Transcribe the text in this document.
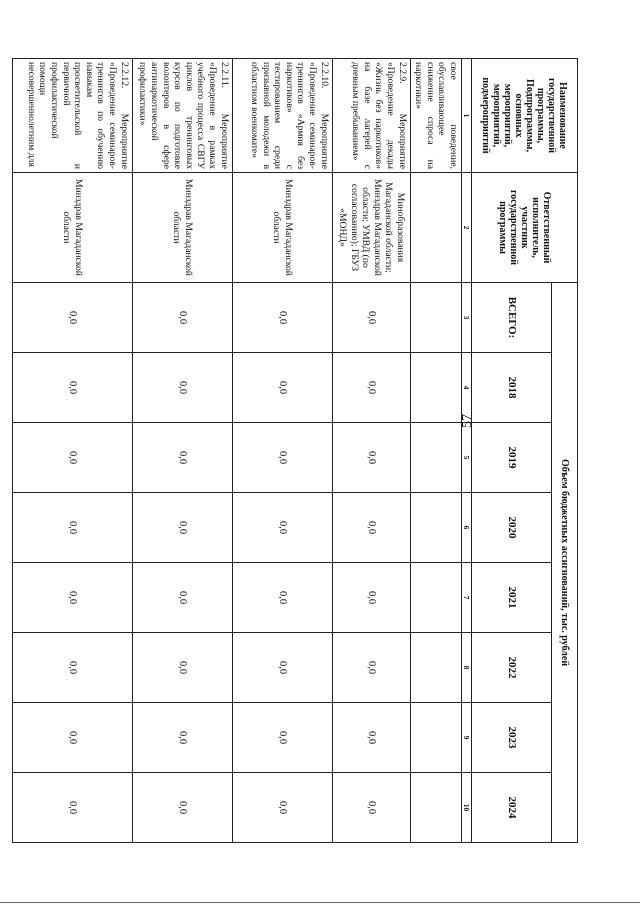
57
Наименование государственной программы, Подпрограммы, основных мероприятий, мероприятий, подмероприятий	Ответственный исполнитель, участник государственной программы	Объем бюджетных ассигнований, тыс. рублей							
		ВСЕГО:	2018	2019	2020	2021	2022	2023	2024
1	2	3	4	5	6	7	8	9	10
свое поведение, обуславливающее снижение спроса на наркотики»									
2.2.9. Мероприятие «Проведение декады «Жизнь без наркотиков» на базе лагерей с дневным пребыванием»	Минобразования Магаданской области; Минздрав Магаданской области; УМВД (по согласованию); ГБУЗ «МОНД»	0,0	0,0	0,0	0,0	0,0	0,0	0,0	0,0
2.2.10. Мероприятие «Проведение семинаров-тренингов «Армия без наркотиков» с тестированием среди призывной молодежи в областном военкомате»	Минздрав Магаданской области	0,0	0,0	0,0	0,0	0,0	0,0	0,0	0,0
2.2.11. Мероприятие «Проведение в рамках учебного процесса СВГУ циклов тренинговых курсов по подготовке волонтеров в сфере антинаркотической профилактики»	Минздрав Магаданской области	0,0	0,0	0,0	0,0	0,0	0,0	0,0	0,0
2.2.12. Мероприятие «Проведение семинаров-тренингов по обучению навыкам просветительской и первичной профилактической помощи несовершеннолетним для	Минздрав Магаданской области	0,0	0,0	0,0	0,0	0,0	0,0	0,0	0,0
